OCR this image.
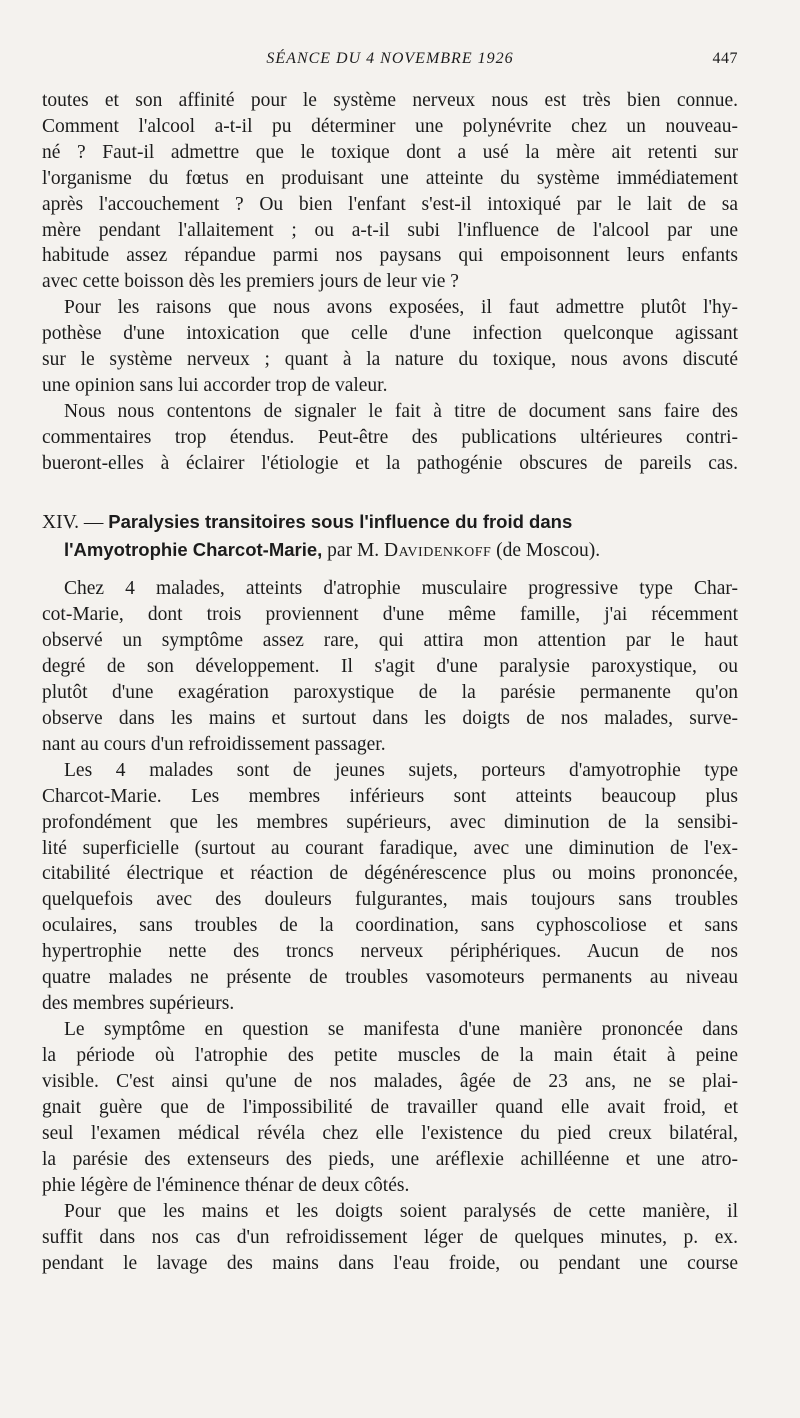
SÉANCE DU 4 NOVEMBRE 1926	447
toutes et son affinité pour le système nerveux nous est très bien connue.
Comment l'alcool a-t-il pu déterminer une polynévrite chez un nouveau-
né ? Faut-il admettre que le toxique dont a usé la mère ait retenti sur
l'organisme du fœtus en produisant une atteinte du système immédiatement
après l'accouchement ? Ou bien l'enfant s'est-il intoxiqué par le lait de sa
mère pendant l'allaitement ; ou a-t-il subi l'influence de l'alcool par une
habitude assez répandue parmi nos paysans qui empoisonnent leurs enfants
avec cette boisson dès les premiers jours de leur vie ?
Pour les raisons que nous avons exposées, il faut admettre plutôt l'hy-
pothèse d'une intoxication que celle d'une infection quelconque agissant
sur le système nerveux ; quant à la nature du toxique, nous avons discuté
une opinion sans lui accorder trop de valeur.
Nous nous contentons de signaler le fait à titre de document sans faire des
commentaires trop étendus. Peut-être des publications ultérieures contri-
bueront-elles à éclairer l'étiologie et la pathogénie obscures de pareils cas.
XIV. — Paralysies transitoires sous l'influence du froid dans
l'Amyotrophie Charcot-Marie, par M. Davidenkoff (de Moscou).
Chez 4 malades, atteints d'atrophie musculaire progressive type Char-
cot-Marie, dont trois proviennent d'une même famille, j'ai récemment
observé un symptôme assez rare, qui attira mon attention par le haut
degré de son développement. Il s'agit d'une paralysie paroxystique, ou
plutôt d'une exagération paroxystique de la parésie permanente qu'on
observe dans les mains et surtout dans les doigts de nos malades, surve-
nant au cours d'un refroidissement passager.
Les 4 malades sont de jeunes sujets, porteurs d'amyotrophie type
Charcot-Marie. Les membres inférieurs sont atteints beaucoup plus
profondément que les membres supérieurs, avec diminution de la sensibi-
lité superficielle (surtout au courant faradique, avec une diminution de l'ex-
citabilité électrique et réaction de dégénérescence plus ou moins prononcée,
quelquefois avec des douleurs fulgurantes, mais toujours sans troubles
oculaires, sans troubles de la coordination, sans cyphoscoliose et sans
hypertrophie nette des troncs nerveux périphériques. Aucun de nos
quatre malades ne présente de troubles vasomoteurs permanents au niveau
des membres supérieurs.
Le symptôme en question se manifesta d'une manière prononcée dans
la période où l'atrophie des petite muscles de la main était à peine
visible. C'est ainsi qu'une de nos malades, âgée de 23 ans, ne se plai-
gnait guère que de l'impossibilité de travailler quand elle avait froid, et
seul l'examen médical révéla chez elle l'existence du pied creux bilatéral,
la parésie des extenseurs des pieds, une aréflexie achilléenne et une atro-
phie légère de l'éminence thénar de deux côtés.
Pour que les mains et les doigts soient paralysés de cette manière, il
suffit dans nos cas d'un refroidissement léger de quelques minutes, p. ex.
pendant le lavage des mains dans l'eau froide, ou pendant une course
